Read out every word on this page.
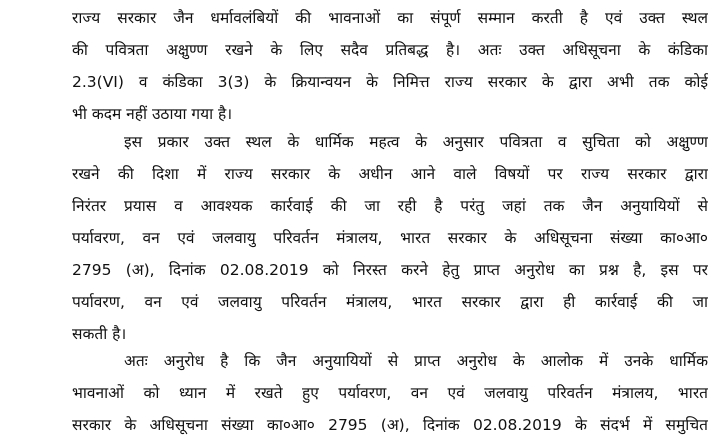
राज्य सरकार जैन धर्मावलंबियों की भावनाओं का संपूर्ण सम्मान करती है एवं उक्त स्थल
की पवित्रता अक्षुण्ण रखने के लिए सदैव प्रतिबद्ध है। अतः उक्त अधिसूचना के कंडिका
2.3(VI) व कंडिका 3(3) के क्रियान्वयन के निमित्त राज्य सरकार के द्वारा अभी तक कोई
भी कदम नहीं उठाया गया है।

इस प्रकार उक्त स्थल के धार्मिक महत्व के अनुसार पवित्रता व सुचिता को अक्षुण्ण
रखने की दिशा में राज्य सरकार के अधीन आने वाले विषयों पर राज्य सरकार द्वारा
निरंतर प्रयास व आवश्यक कार्रवाई की जा रही है परंतु जहां तक जैन अनुयायियों से
पर्यावरण, वन एवं जलवायु परिवर्तन मंत्रालय, भारत सरकार के अधिसूचना संख्या का०आ०
2795 (अ), दिनांक 02.08.2019 को निरस्त करने हेतु प्राप्त अनुरोध का प्रश्न है, इस पर
पर्यावरण, वन एवं जलवायु परिवर्तन मंत्रालय, भारत सरकार द्वारा ही कार्रवाई की जा
सकती है।

अतः अनुरोध है कि जैन अनुयायियों से प्राप्त अनुरोध के आलोक में उनके धार्मिक
भावनाओं को ध्यान में रखते हुए पर्यावरण, वन एवं जलवायु परिवर्तन मंत्रालय, भारत
सरकार के अधिसूचना संख्या का०आ० 2795 (अ), दिनांक 02.08.2019 के संदर्भ में समुचित
